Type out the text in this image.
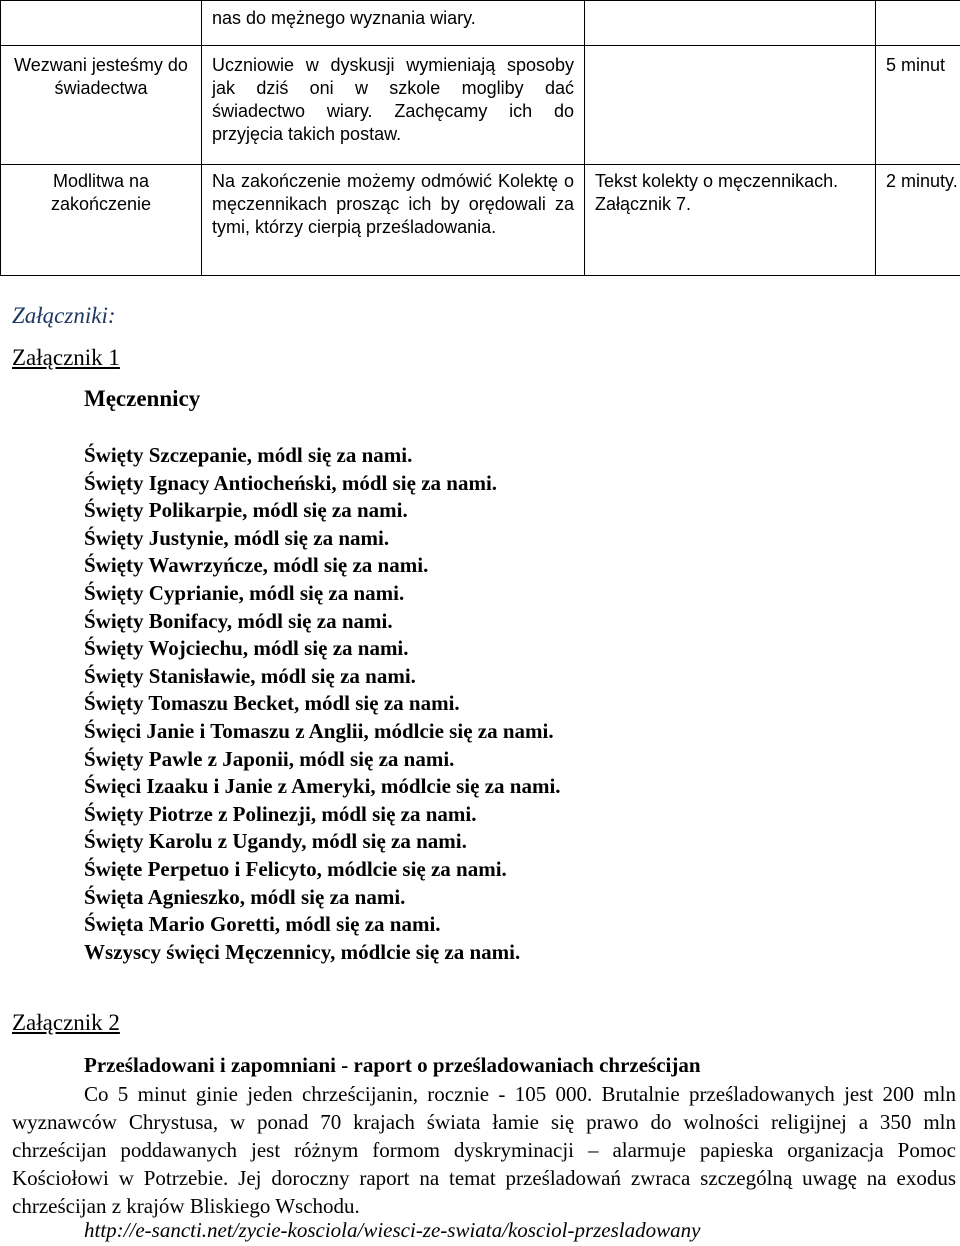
	nas do mężnego wyznania wiary.		

Wezwani jesteśmy do świadectwa	Uczniowie w dyskusji wymieniają sposoby jak dziś oni w szkole mogliby dać świadectwo wiary. Zachęcamy ich do przyjęcia takich postaw.		5 minut

Modlitwa na zakończenie	Na zakończenie możemy odmówić Kolektę o męczennikach prosząc ich by orędowali za tymi, którzy cierpią prześladowania.	Tekst kolekty o męczennikach. Załącznik 7.	2 minuty.
Załączniki:
Załącznik 1
Męczennicy
Święty Szczepanie, módl się za nami.
Święty Ignacy Antiocheński, módl się za nami.
Święty Polikarpie, módl się za nami.
Święty Justynie, módl się za nami.
Święty Wawrzyńcze, módl się za nami.
Święty Cyprianie, módl się za nami.
Święty Bonifacy, módl się za nami.
Święty Wojciechu, módl się za nami.
Święty Stanisławie, módl się za nami.
Święty Tomaszu Becket, módl się za nami.
Święci Janie i Tomaszu z Anglii, módlcie się za nami.
Święty Pawle z Japonii, módl się za nami.
Święci Izaaku i Janie z Ameryki, módlcie się za nami.
Święty Piotrze z Polinezji, módl się za nami.
Święty Karolu z Ugandy, módl się za nami.
Święte Perpetuo i Felicyto, módlcie się za nami.
Święta Agnieszko, módl się za nami.
Święta Mario Goretti, módl się za nami.
Wszyscy święci Męczennicy, módlcie się za nami.
Załącznik 2
Prześladowani i zapomniani - raport o prześladowaniach chrześcijan

Co 5 minut ginie jeden chrześcijanin, rocznie - 105 000. Brutalnie prześladowanych jest 200 mln wyznawców Chrystusa, w ponad 70 krajach świata łamie się prawo do wolności religijnej a 350 mln chrześcijan poddawanych jest różnym formom dyskryminacji – alarmuje papieska organizacja Pomoc Kościołowi w Potrzebie. Jej doroczny raport na temat prześladowań zwraca szczególną uwagę na exodus chrześcijan z krajów Bliskiego Wschodu.

http://e-sancti.net/zycie-kosciola/wiesci-ze-swiata/kosciol-przesladowany
